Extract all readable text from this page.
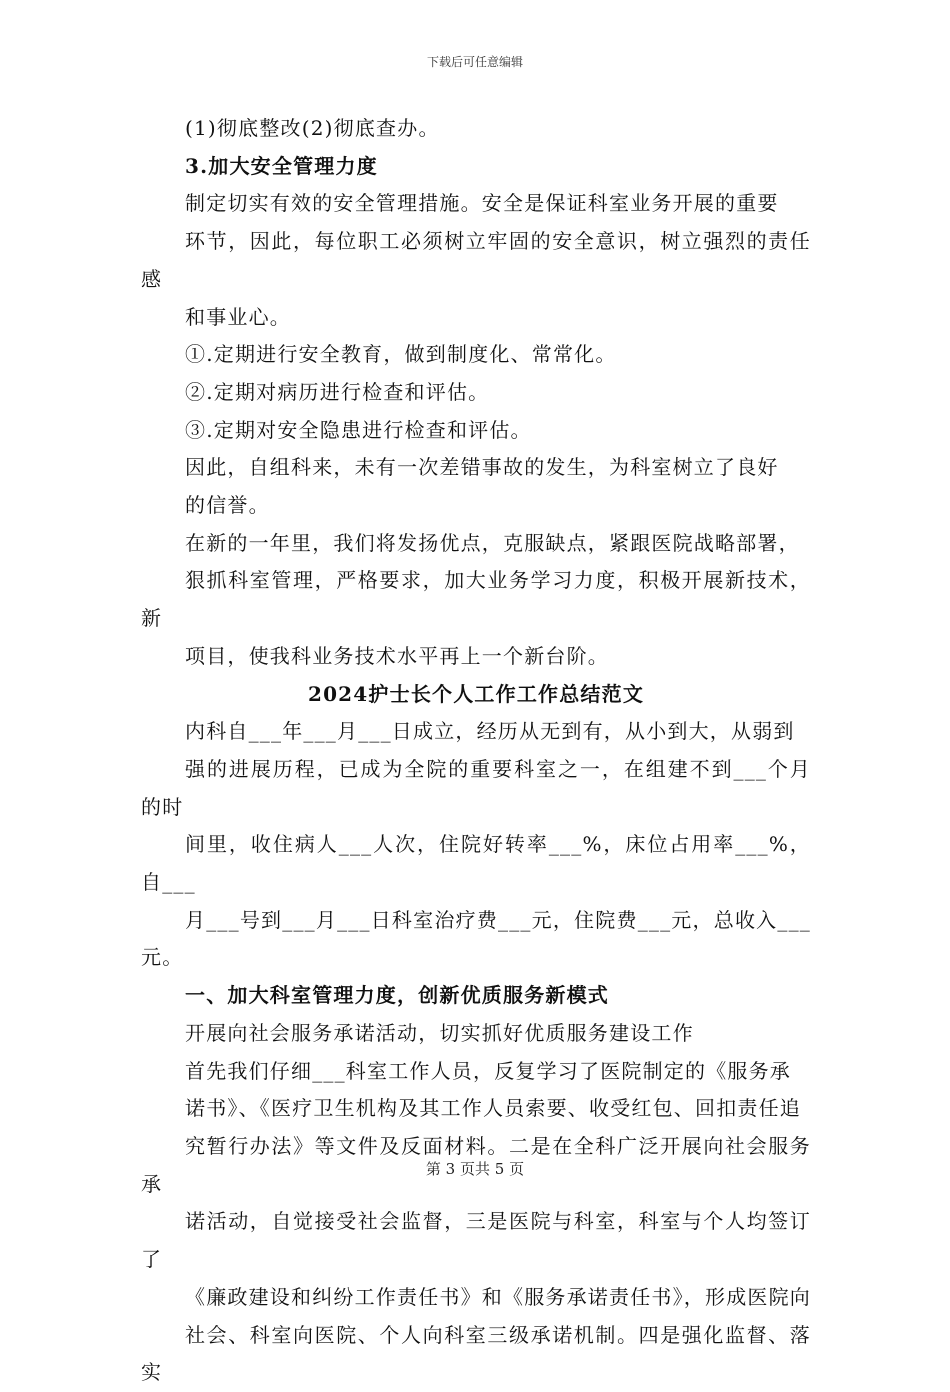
下载后可任意编辑

(1)彻底整改(2)彻底查办。

3.加大安全管理力度

制定切实有效的安全管理措施。安全是保证科室业务开展的重要
环节，因此，每位职工必须树立牢固的安全意识，树立强烈的责任感
和事业心。

①.定期进行安全教育，做到制度化、常常化。

②.定期对病历进行检查和评估。

③.定期对安全隐患进行检查和评估。

因此，自组科来，未有一次差错事故的发生，为科室树立了良好
的信誉。

在新的一年里，我们将发扬优点，克服缺点，紧跟医院战略部署，
狠抓科室管理，严格要求，加大业务学习力度，积极开展新技术，新
项目，使我科业务技术水平再上一个新台阶。

2024护士长个人工作工作总结范文

内科自___年___月___日成立，经历从无到有，从小到大，从弱到
强的进展历程，已成为全院的重要科室之一，在组建不到___个月的时
间里，收住病人___人次，住院好转率___%，床位占用率___%，自___
月___号到___月___日科室治疗费___元，住院费___元，总收入___元。

一、加大科室管理力度，创新优质服务新模式

开展向社会服务承诺活动，切实抓好优质服务建设工作

首先我们仔细___科室工作人员，反复学习了医院制定的《服务承
诺书》、《医疗卫生机构及其工作人员索要、收受红包、回扣责任追
究暂行办法》等文件及反面材料。二是在全科广泛开展向社会服务承
诺活动，自觉接受社会监督，三是医院与科室，科室与个人均签订了
《廉政建设和纠纷工作责任书》和《服务承诺责任书》，形成医院向
社会、科室向医院、个人向科室三级承诺机制。四是强化监督、落实

第 3 页共 5 页
